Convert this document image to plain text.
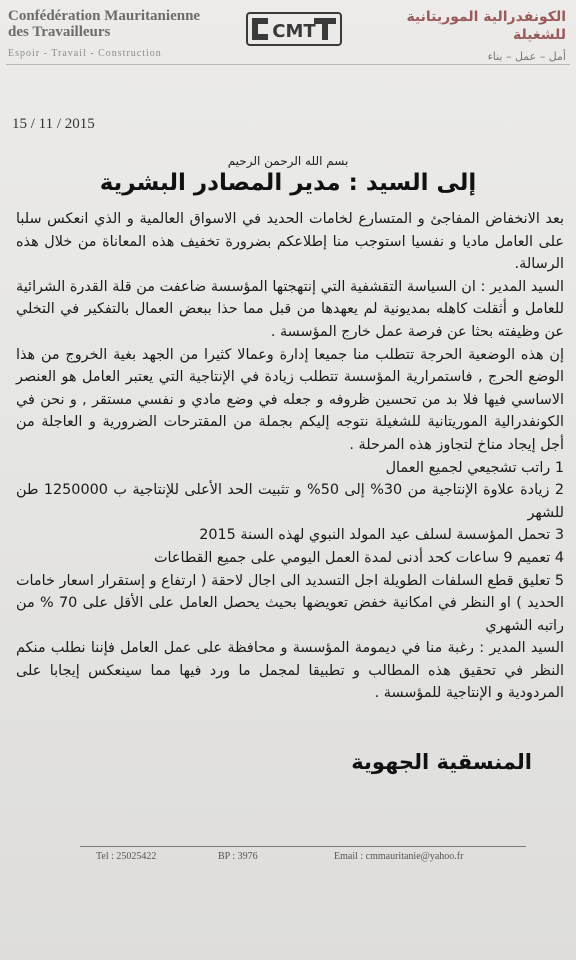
Confédération Mauritanienne
des Travailleurs
Espoir - Travail - Construction
CMT
الكونفدرالية الموريتانية
للشغيلة
أمل – عمل – بناء
15 / 11 / 2015
بسم الله الرحمن الرحيم
إلى السيد : مدير المصادر البشرية

بعد الانخفاض المفاجئ و المتسارع لخامات الحديد في الاسواق العالمية و الذي انعكس سلبا على العامل ماديا و نفسيا استوجب منا إطلاعكم بضرورة تخفيف هذه المعاناة من خلال هذه الرسالة.

السيد المدير : ان السياسة التقشفية التي إنتهجتها المؤسسة ضاعفت من قلة القدرة الشرائية للعامل و أثقلت كاهله بمديونية لم يعهدها من قبل مما حذا ببعض العمال بالتفكير في التخلي عن وظيفته بحثا عن فرصة عمل خارج المؤسسة .

إن هذه الوضعية الحرجة تتطلب منا جميعا إدارة وعمالا كثيرا من الجهد بغية الخروج من هذا الوضع الحرج , فاستمرارية المؤسسة تتطلب زيادة في الإنتاجية التي يعتبر العامل هو العنصر الاساسي فيها فلا بد من تحسين ظروفه و جعله في وضع مادي و نفسي مستقر , و نحن في الكونفدرالية الموريتانية للشغيلة نتوجه إليكم بجملة من المقترحات الضرورية و العاجلة من أجل إيجاد مناخ لتجاوز هذه المرحلة .

1 راتب تشجيعي لجميع العمال

2 زيادة علاوة الإنتاجية من 30% إلى 50% و تثبيت الحد الأعلى للإنتاجية ب 1250000 طن للشهر

3 تحمل المؤسسة لسلف عيد المولد النبوي لهذه السنة 2015

4 تعميم 9 ساعات كحد أدنى لمدة العمل اليومي على جميع القطاعات

5 تعليق قطع السلفات الطويلة اجل التسديد الى اجال لاحقة ( ارتفاع و إستقرار اسعار خامات الحديد ) او النظر في امكانية خفض تعويضها بحيث يحصل العامل على الأقل على 70 % من راتبه الشهري

السيد المدير : رغبة منا في ديمومة المؤسسة و محافظة على عمل العامل فإننا نطلب منكم النظر في تحقيق هذه المطالب و تطبيقا لمجمل ما ورد فيها مما سينعكس إيجابا على المردودية و الإنتاجية للمؤسسة .

المنسقية الجهوية
Tel : 25025422	BP : 3976	Email : cmmauritanie@yahoo.fr
